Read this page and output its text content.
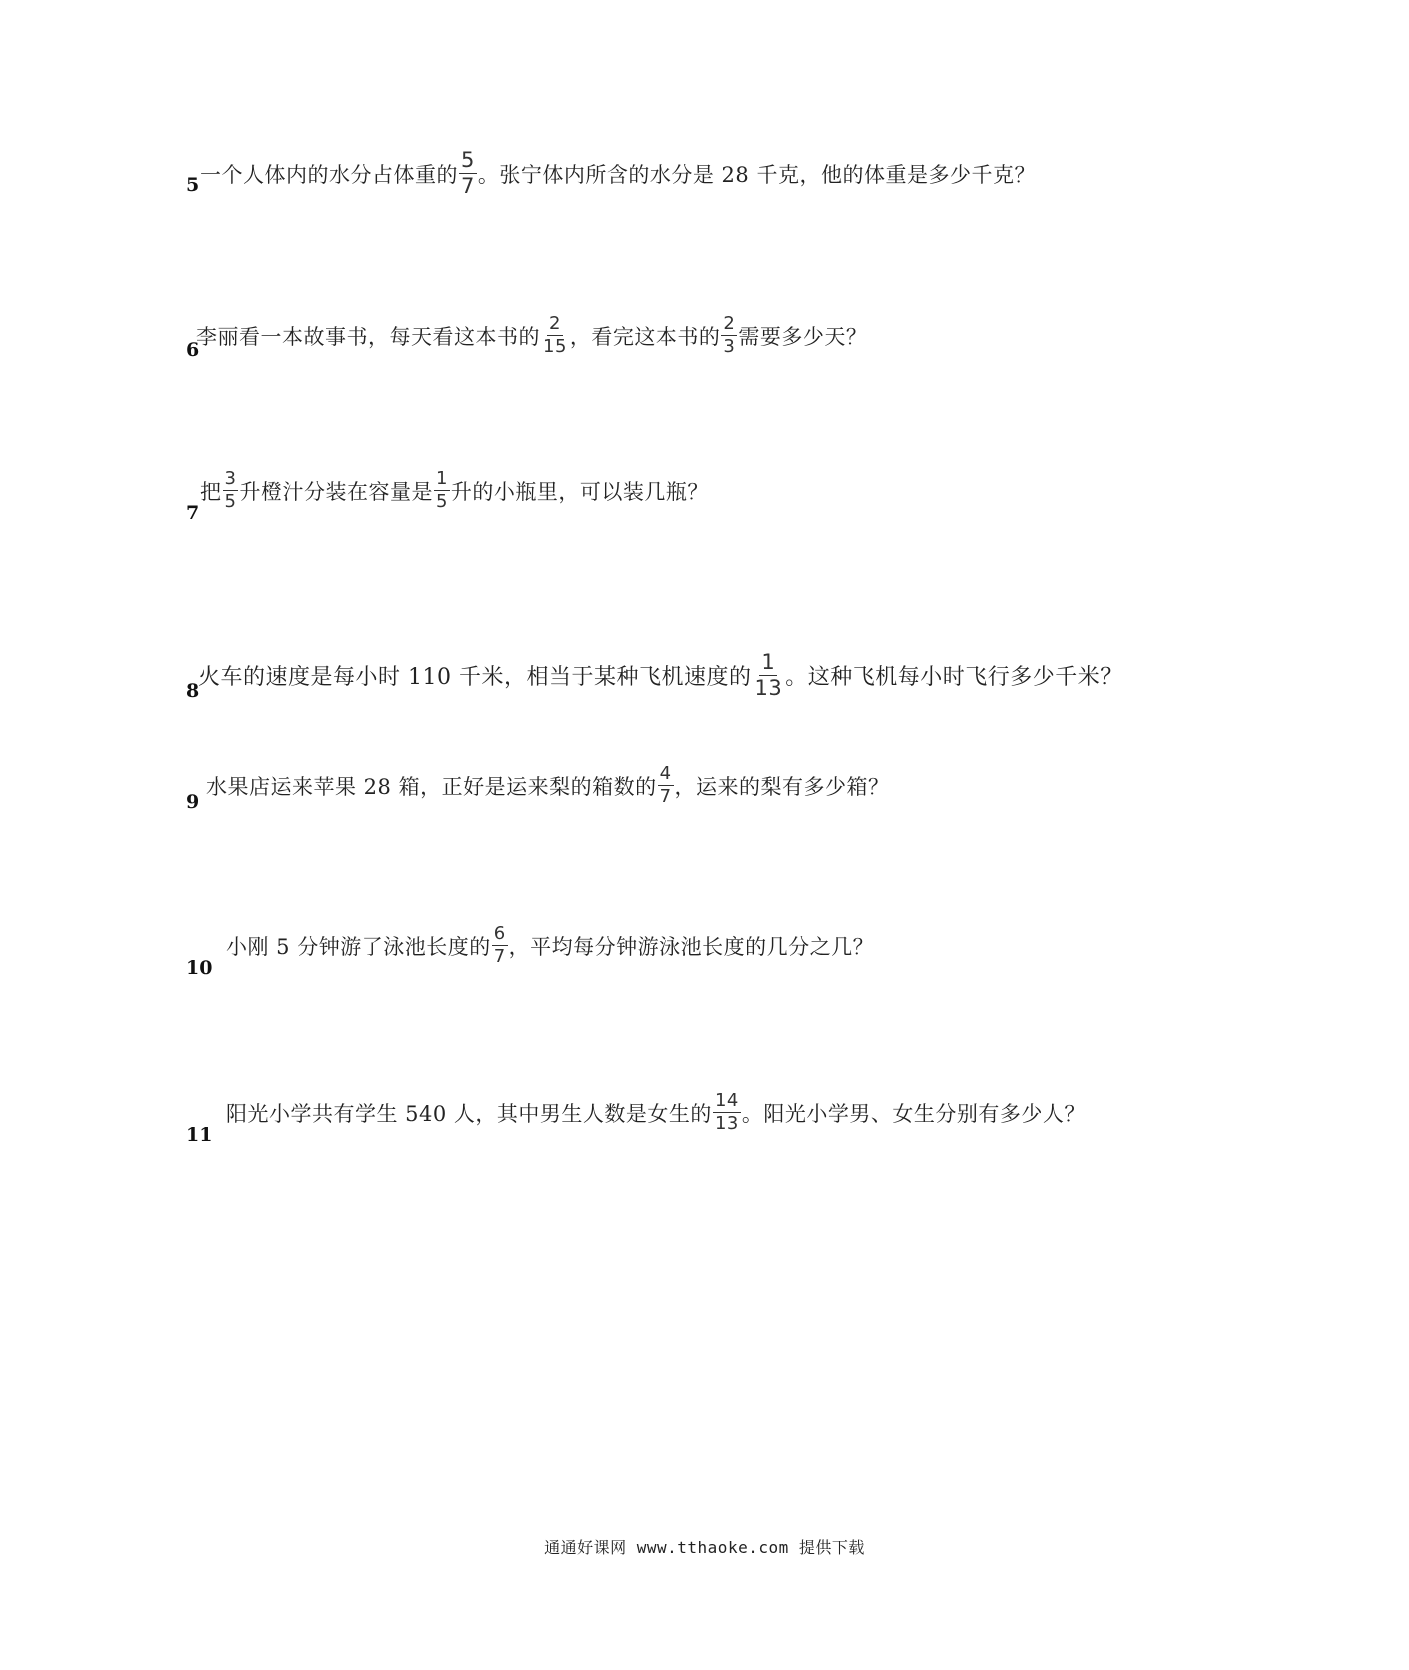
5 一个人体内的水分占体重的 $\frac{5}{7}$ 。张宁体内所含的水分是 28 千克，他的体重是多少千克？
6
李丽看一本故事书，每天看这本书的 $\frac{2}{15}$ ，看完这本书的 $\frac{2}{3}$ 需要多少天？
7
把 $\frac{3}{5}$ 升橙汁分装在容量是 $\frac{1}{5}$ 升的小瓶里，可以装几瓶？
8
火车的速度是每小时 110 千米，相当于某种飞机速度的 $\frac{1}{13}$ 。这种飞机每小时飞行多少千米？
9
水果店运来苹果 28 箱，正好是运来梨的箱数的 $\frac{4}{7}$ ，运来的梨有多少箱？
10
小刚 5 分钟游了泳池长度的 $\frac{6}{7}$ ，平均每分钟游泳池长度的几分之几？
11
阳光小学共有学生 540 人，其中男生人数是女生的 $\frac{14}{13}$ 。阳光小学男、女生分别有多少人？
通通好课网 www.tthaoke.com 提供下载
